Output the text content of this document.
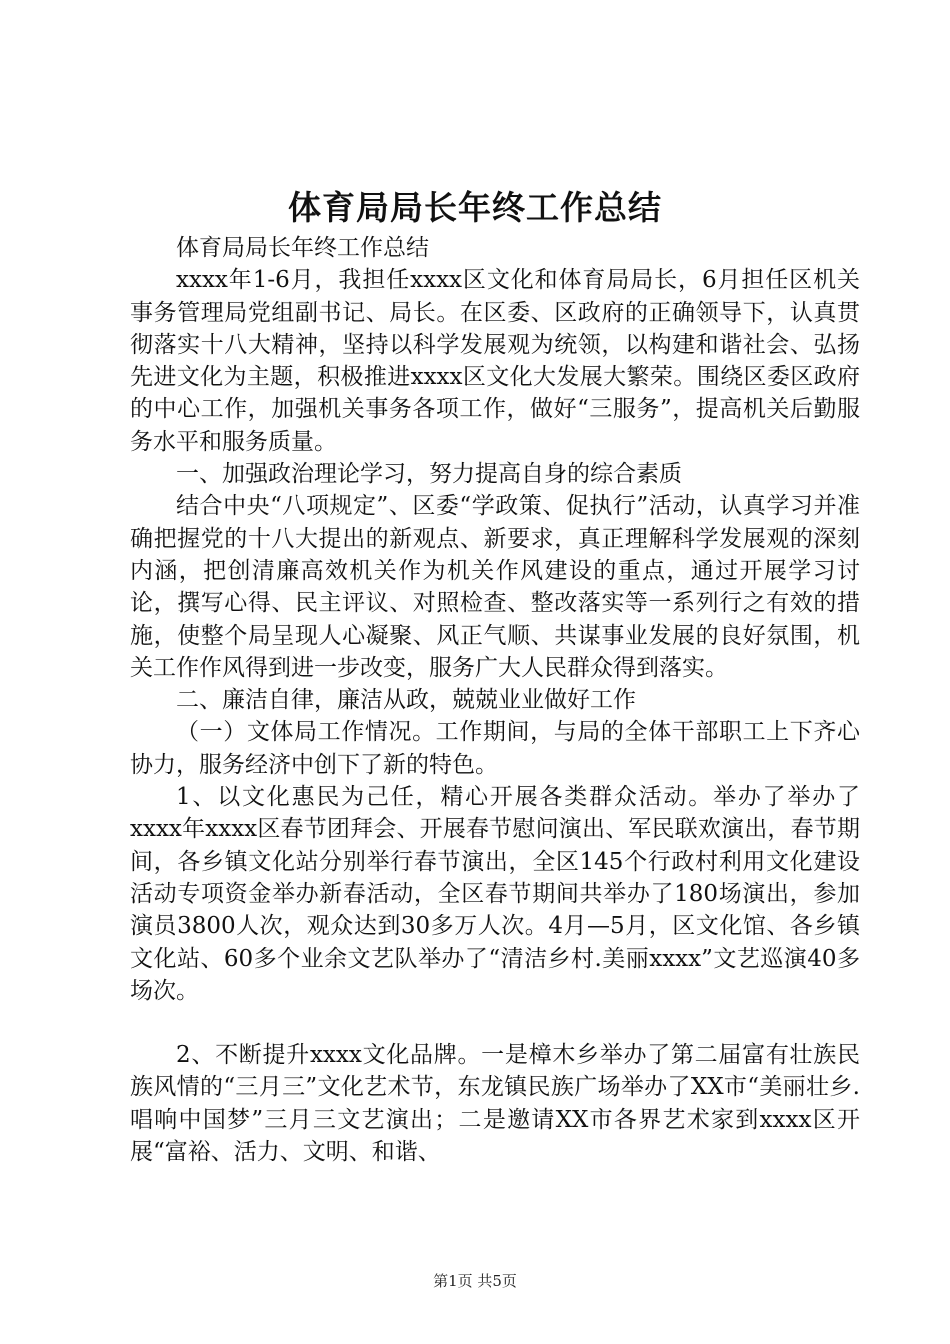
体育局局长年终工作总结

体育局局长年终工作总结

xxxx年1-6月，我担任xxxx区文化和体育局局长，6月担任区机关事务管理局党组副书记、局长。在区委、区政府的正确领导下，认真贯彻落实十八大精神，坚持以科学发展观为统领，以构建和谐社会、弘扬先进文化为主题，积极推进xxxx区文化大发展大繁荣。围绕区委区政府的中心工作，加强机关事务各项工作，做好“三服务”，提高机关后勤服务水平和服务质量。

一、加强政治理论学习，努力提高自身的综合素质

结合中央“八项规定”、区委“学政策、促执行”活动，认真学习并准确把握党的十八大提出的新观点、新要求，真正理解科学发展观的深刻内涵，把创清廉高效机关作为机关作风建设的重点，通过开展学习讨论，撰写心得、民主评议、对照检查、整改落实等一系列行之有效的措施，使整个局呈现人心凝聚、风正气顺、共谋事业发展的良好氛围，机关工作作风得到进一步改变，服务广大人民群众得到落实。

二、廉洁自律，廉洁从政，兢兢业业做好工作

（一）文体局工作情况。工作期间，与局的全体干部职工上下齐心协力，服务经济中创下了新的特色。

1、以文化惠民为己任，精心开展各类群众活动。举办了举办了xxxx年xxxx区春节团拜会、开展春节慰问演出、军民联欢演出，春节期间，各乡镇文化站分别举行春节演出，全区145个行政村利用文化建设活动专项资金举办新春活动，全区春节期间共举办了180场演出，参加演员3800人次，观众达到30多万人次。4月—5月，区文化馆、各乡镇文化站、60多个业余文艺队举办了“清洁乡村.美丽xxxx”文艺巡演40多场次。

2、不断提升xxxx文化品牌。一是樟木乡举办了第二届富有壮族民族风情的“三月三”文化艺术节，东龙镇民族广场举办了XX市“美丽壮乡.唱响中国梦”三月三文艺演出；二是邀请XX市各界艺术家到xxxx区开展“富裕、活力、文明、和谐、

第1页 共5页
